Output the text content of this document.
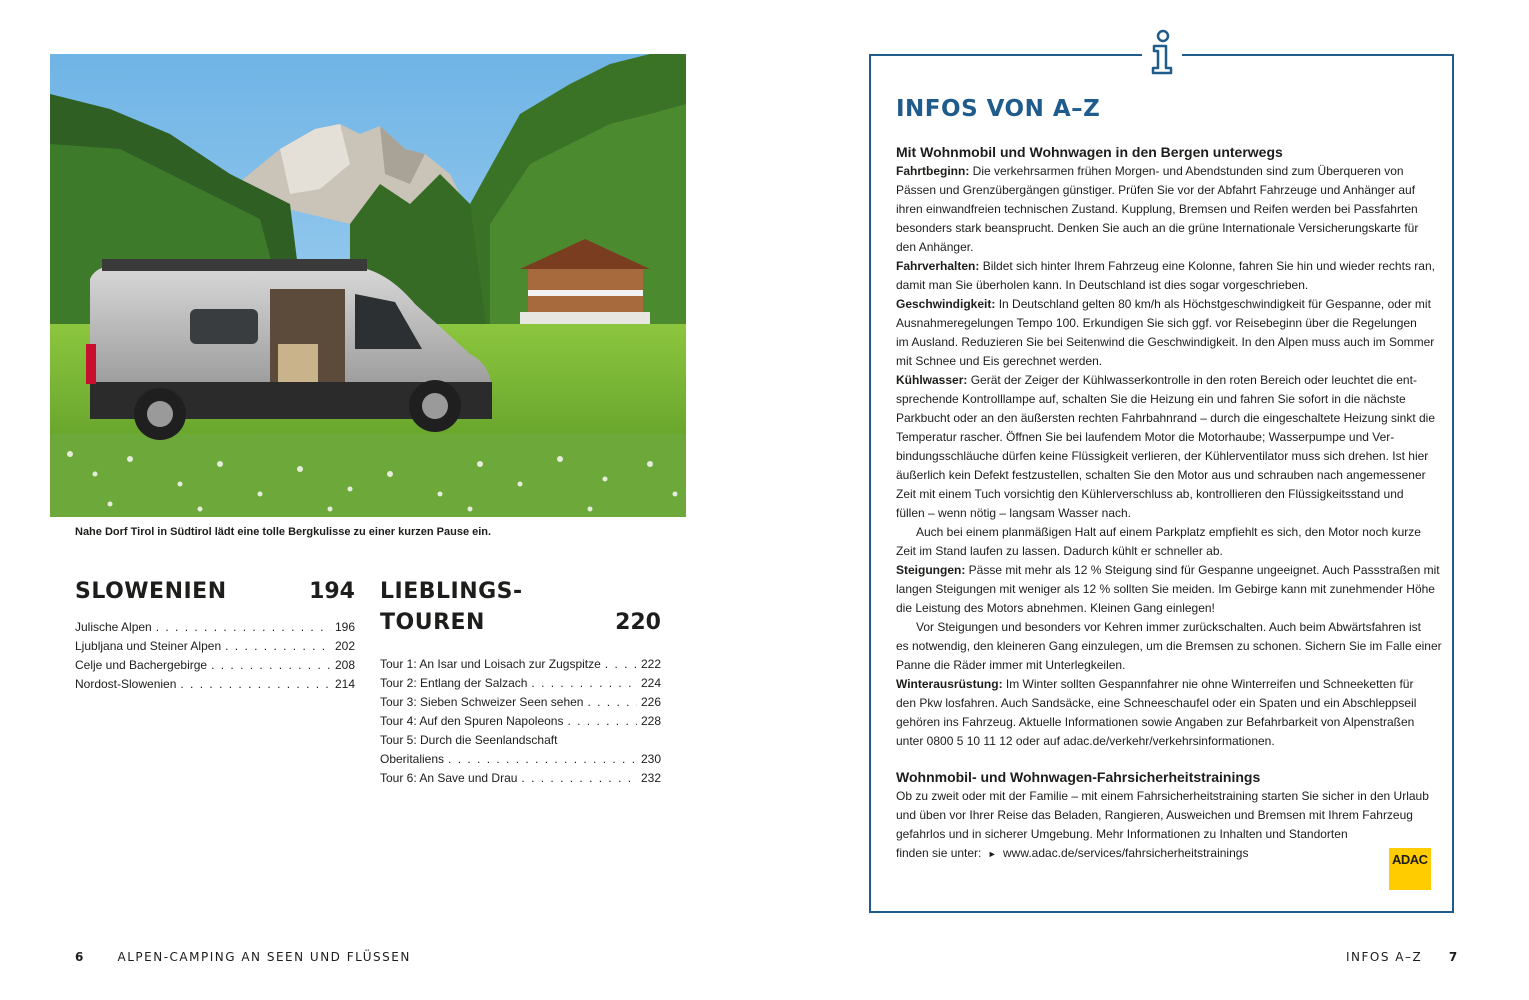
Nahe Dorf Tirol in Südtirol lädt eine tolle Bergkulisse zu einer kurzen Pause ein.
SLOWENIEN	194
Julische Alpen . . .	196
Ljubljana und Steiner Alpen . . .	202
Celje und Bachergebirge . . .	208
Nordost-Slowenien . . .	214
LIEBLINGS-
TOUREN	220
Tour 1: An Isar und Loisach zur Zugspitze . . .	222
Tour 2: Entlang der Salzach . . .	224
Tour 3: Sieben Schweizer Seen sehen . . .	226
Tour 4: Auf den Spuren Napoleons . . .	228
Tour 5: Durch die Seenlandschaft
Oberitaliens . . .	230
Tour 6: An Save und Drau . . .	232
6	ALPEN-CAMPING AN SEEN UND FLÜSSEN
INFOS VON A–Z
Mit Wohnmobil und Wohnwagen in den Bergen unterwegs
Fahrtbeginn: Die verkehrsarmen frühen Morgen- und Abendstunden sind zum Überqueren von
Pässen und Grenzübergängen günstiger. Prüfen Sie vor der Abfahrt Fahrzeuge und Anhänger auf
ihren einwandfreien technischen Zustand. Kupplung, Bremsen und Reifen werden bei Passfahrten
besonders stark beansprucht. Denken Sie auch an die grüne Internationale Versicherungskarte für
den Anhänger.
Fahrverhalten: Bildet sich hinter Ihrem Fahrzeug eine Kolonne, fahren Sie hin und wieder rechts ran,
damit man Sie überholen kann. In Deutschland ist dies sogar vorgeschrieben.
Geschwindigkeit: In Deutschland gelten 80 km/h als Höchstgeschwindigkeit für Gespanne, oder mit
Ausnahmeregelungen Tempo 100. Erkundigen Sie sich ggf. vor Reisebeginn über die Regelungen
im Ausland. Reduzieren Sie bei Seitenwind die Geschwindigkeit. In den Alpen muss auch im Sommer
mit Schnee und Eis gerechnet werden.
Kühlwasser: Gerät der Zeiger der Kühlwasserkontrolle in den roten Bereich oder leuchtet die ent-
sprechende Kontrolllampe auf, schalten Sie die Heizung ein und fahren Sie sofort in die nächste
Parkbucht oder an den äußersten rechten Fahrbahnrand – durch die eingeschaltete Heizung sinkt die
Temperatur rascher. Öffnen Sie bei laufendem Motor die Motorhaube; Wasserpumpe und Ver-
bindungsschläuche dürfen keine Flüssigkeit verlieren, der Kühlerventilator muss sich drehen. Ist hier
äußerlich kein Defekt festzustellen, schalten Sie den Motor aus und schrauben nach angemessener
Zeit mit einem Tuch vorsichtig den Kühlerverschluss ab, kontrollieren den Flüssigkeitsstand und
füllen – wenn nötig – langsam Wasser nach.
Auch bei einem planmäßigen Halt auf einem Parkplatz empfiehlt es sich, den Motor noch kurze
Zeit im Stand laufen zu lassen. Dadurch kühlt er schneller ab.
Steigungen: Pässe mit mehr als 12 % Steigung sind für Gespanne ungeeignet. Auch Passstraßen mit
langen Steigungen mit weniger als 12 % sollten Sie meiden. Im Gebirge kann mit zunehmender Höhe
die Leistung des Motors abnehmen. Kleinen Gang einlegen!
Vor Steigungen und besonders vor Kehren immer zurückschalten. Auch beim Abwärtsfahren ist
es notwendig, den kleineren Gang einzulegen, um die Bremsen zu schonen. Sichern Sie im Falle einer
Panne die Räder immer mit Unterlegkeilen.
Winterausrüstung: Im Winter sollten Gespannfahrer nie ohne Winterreifen und Schneeketten für
den Pkw losfahren. Auch Sandsäcke, eine Schneeschaufel oder ein Spaten und ein Abschleppseil
gehören ins Fahrzeug. Aktuelle Informationen sowie Angaben zur Befahrbarkeit von Alpenstraßen
unter 0800 5 10 11 12 oder auf adac.de/verkehr/verkehrsinformationen.
Wohnmobil- und Wohnwagen-Fahrsicherheitstrainings
Ob zu zweit oder mit der Familie – mit einem Fahrsicherheitstraining starten Sie sicher in den Urlaub
und üben vor Ihrer Reise das Beladen, Rangieren, Ausweichen und Bremsen mit Ihrem Fahrzeug
gefahrlos und in sicherer Umgebung. Mehr Informationen zu Inhalten und Standorten
finden sie unter: ► www.adac.de/services/fahrsicherheitstrainings	ADAC
INFOS A–Z 7
